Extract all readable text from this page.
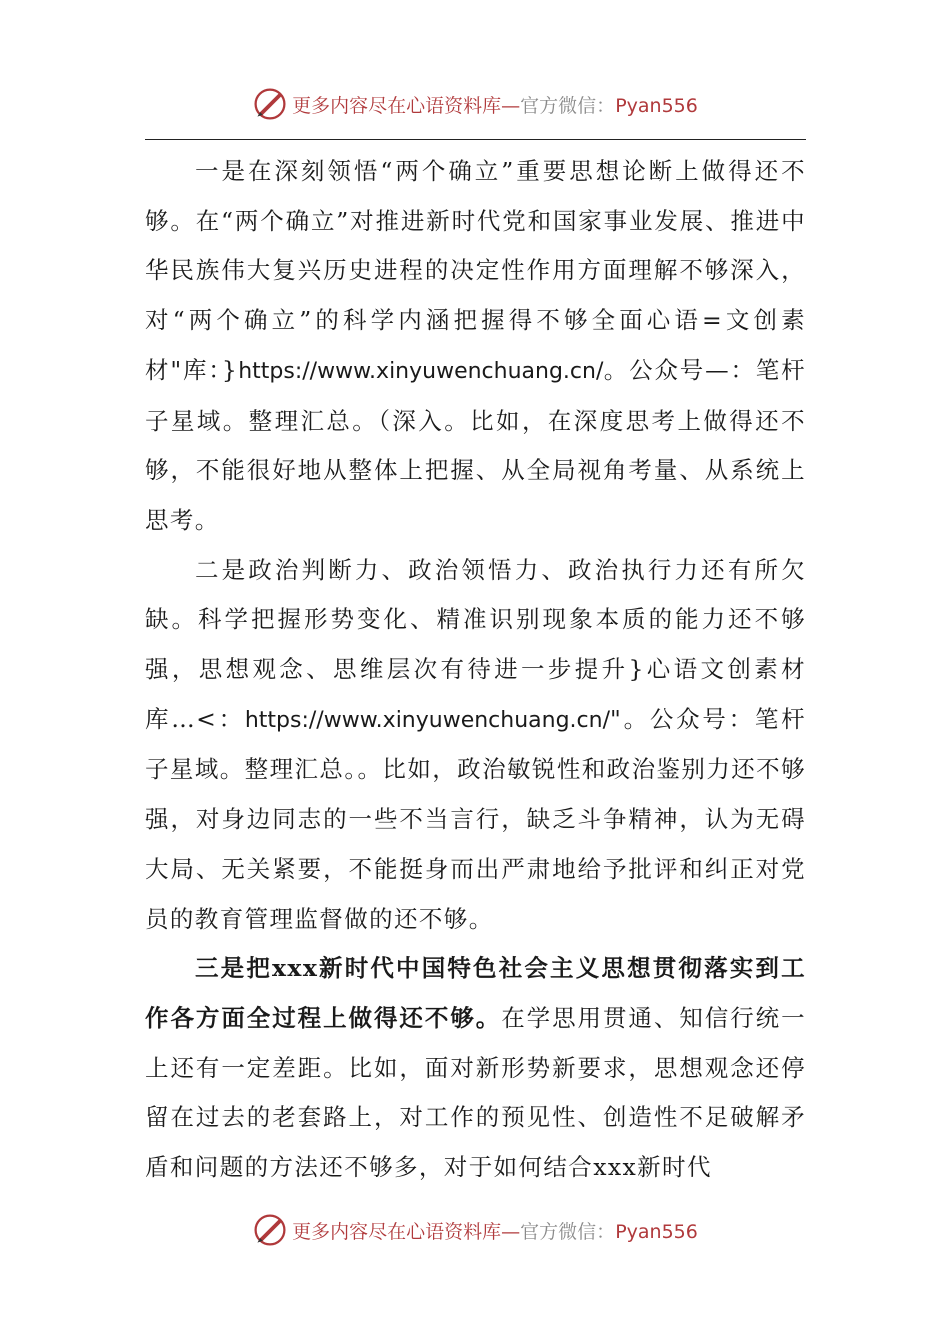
更多内容尽在心语资料库—官方微信：Pyan556

一是在深刻领悟“两个确立”重要思想论断上做得还不够。在“两个确立”对推进新时代党和国家事业发展、推进中华民族伟大复兴历史进程的决定性作用方面理解不够深入，对“两个确立”的科学内涵把握得不够全面心语=文创素材"库：}https://www.xinyuwenchuang.cn/。公众号—：笔杆子星域。整理汇总。（深入。比如，在深度思考上做得还不够，不能很好地从整体上把握、从全局视角考量、从系统上思考。

二是政治判断力、政治领悟力、政治执行力还有所欠缺。科学把握形势变化、精准识别现象本质的能力还不够强，思想观念、思维层次有待进一步提升}心语文创素材库…<：https://www.xinyuwenchuang.cn/"。公众号：笔杆子星域。整理汇总。。比如，政治敏锐性和政治鉴别力还不够强，对身边同志的一些不当言行，缺乏斗争精神，认为无碍大局、无关紧要，不能挺身而出严肃地给予批评和纠正对党员的教育管理监督做的还不够。

三是把xxx新时代中国特色社会主义思想贯彻落实到工作各方面全过程上做得还不够。在学思用贯通、知信行统一上还有一定差距。比如，面对新形势新要求，思想观念还停留在过去的老套路上，对工作的预见性、创造性不足破解矛盾和问题的方法还不够多，对于如何结合xxx新时代

更多内容尽在心语资料库—官方微信：Pyan556
